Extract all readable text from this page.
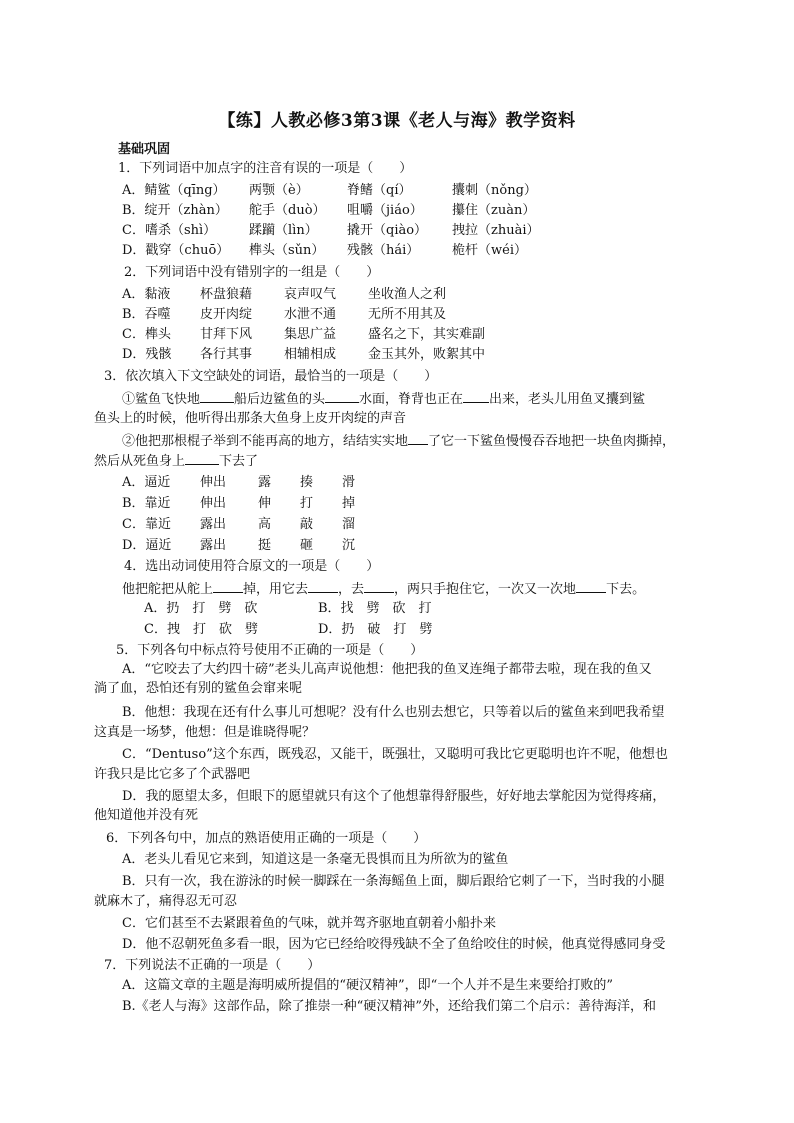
【练】人教必修3第3课《老人与海》教学资料
基础巩固
1．下列词语中加点字的注音有误的一项是（　　）
A．鲭鲨（qīng） 两颚（è）	脊鳍（qí）	攮刺（nǒng）
B．绽开（zhàn） 舵手（duò） 咀嚼（jiáo） 攥住（zuàn）
C．嗜杀（shì）	蹂躏（lìn） 撬开（qiào） 拽拉（zhuài）
D．戳穿（chuō） 榫头（sǔn） 残骸（hái）	桅杆（wéi）
2．下列词语中没有错别字的一组是（　　）
A．黏液 杯盘狼藉 哀声叹气 坐收渔人之利
B．吞噬 皮开肉绽 水泄不通 无所不用其及
C．榫头 甘拜下风 集思广益 盛名之下，其实难副
D．残骸 各行其事 相辅相成 金玉其外，败絮其中
3．依次填入下文空缺处的词语，最恰当的一项是（　　）
①鲨鱼飞快地	船后边鲨鱼的头	水面，脊背也正在 出来，老头儿用鱼叉攮到鲨
鱼头上的时候，他听得出那条大鱼身上皮开肉绽的声音
②他把那根棍子举到不能再高的地方，结结实实地 了它一下鲨鱼慢慢吞吞地把一块鱼肉撕掉，
然后从死鱼身上	下去了
A．逼近 伸出 露 揍 滑
B．靠近 伸出 伸 打 掉
C．靠近 露出 高 敲 溜
D．逼近 露出 挺 砸 沉
4．选出动词使用符合原文的一项是（　　）
他把舵把从舵上 掉，用它去 ，去 ，两只手抱住它，一次又一次地 下去。
A．扔　打　劈　砍	B．找　劈　砍　打
C．拽　打　砍　劈	D．扔　破　打　劈
5．下列各句中标点符号使用不正确的一项是（　　）
A．“它咬去了大约四十磅”老头儿高声说他想：他把我的鱼叉连绳子都带去啦，现在我的鱼又
淌了血，恐怕还有别的鲨鱼会窜来呢
B．他想：我现在还有什么事儿可想呢？没有什么也别去想它，只等着以后的鲨鱼来到吧我希望
这真是一场梦，他想：但是谁晓得呢？
C．“Dentuso”这个东西，既残忍，又能干，既强壮，又聪明可我比它更聪明也许不呢，他想也
许我只是比它多了个武器吧
D．我的愿望太多，但眼下的愿望就只有这个了他想靠得舒服些，好好地去掌舵因为觉得疼痛，
他知道他并没有死
6．下列各句中，加点的熟语使用正确的一项是（　　）
A．老头儿看见它来到，知道这是一条毫无畏惧而且为所欲为的鲨鱼
B．只有一次，我在游泳的时候一脚踩在一条海鳐鱼上面，脚后跟给它刺了一下，当时我的小腿
就麻木了，痛得忍无可忍
C．它们甚至不去紧跟着鱼的气味，就并驾齐驱地直朝着小船扑来
D．他不忍朝死鱼多看一眼，因为它已经给咬得残缺不全了鱼给咬住的时候，他真觉得感同身受
7．下列说法不正确的一项是（　　）
A．这篇文章的主题是海明威所提倡的“硬汉精神”，即“一个人并不是生来要给打败的”
B.《老人与海》这部作品，除了推崇一种“硬汉精神”外，还给我们第二个启示：善待海洋，和
